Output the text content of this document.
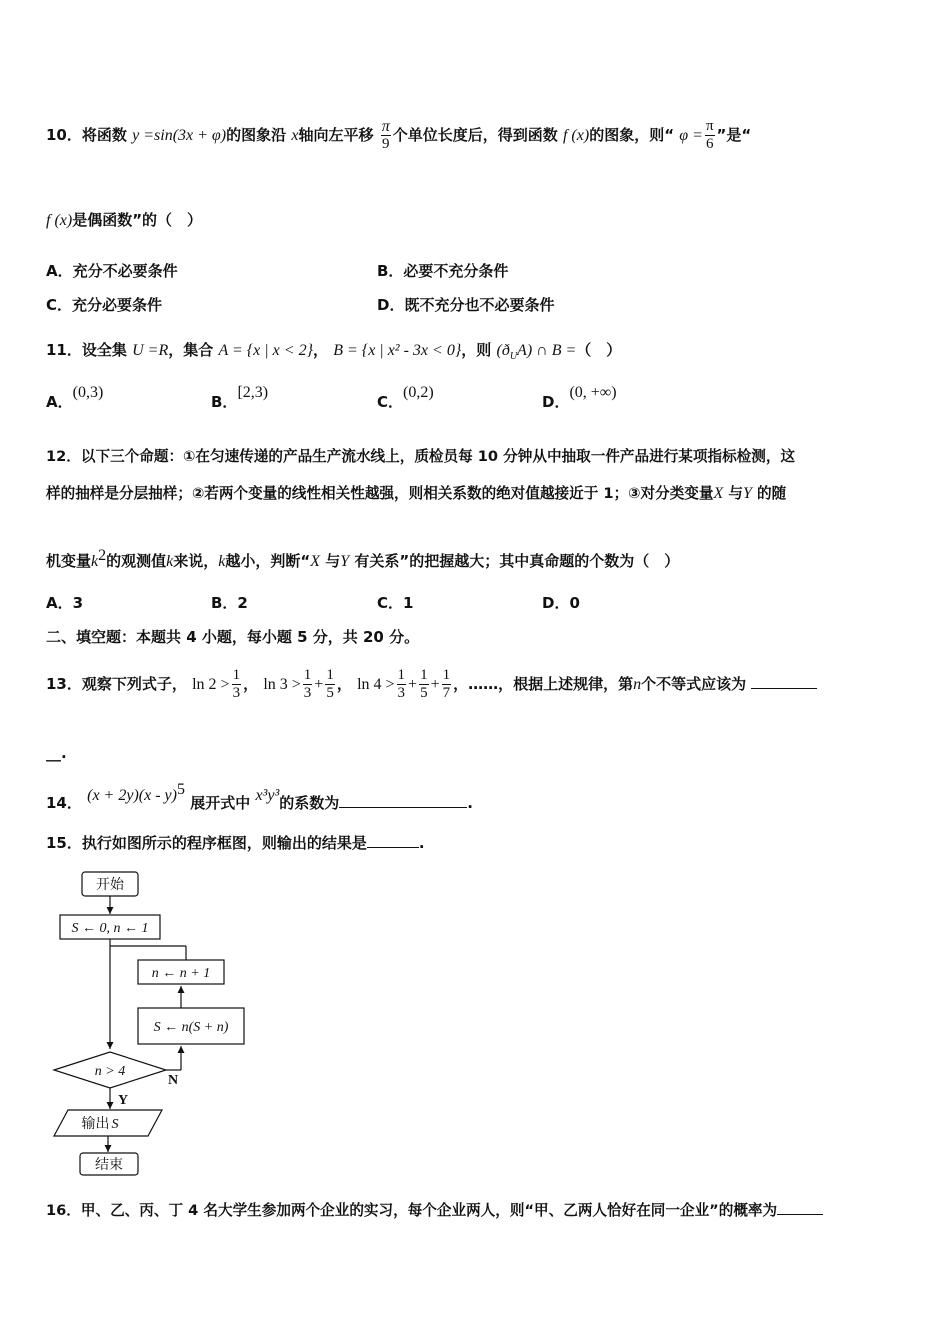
10．将函数 y =sin(3x + φ)的图象沿 x轴向左平移 $\frac{\pi}{9}$ 个单位长度后，得到函数 f (x)的图象，则“ $\varphi = \frac{\pi}{6}$ ”是“
f (x)是偶函数”的（　）
A．充分不必要条件	B．必要不充分条件
C．充分必要条件	D．既不充分也不必要条件
11．设全集 U =R，集合 A = {x | x < 2}， B = {x | x² - 3x < 0}，则 $(ð_UA)$ ∩ B =（　）
A．(0,3)
B．[2,3)
C．(0,2)
D．(0, +∞)
12．以下三个命题：①在匀速传递的产品生产流水线上，质检员每 10 分钟从中抽取一件产品进行某项指标检测，这
样的抽样是分层抽样；②若两个变量的线性相关性越强，则相关系数的绝对值越接近于 1；③对分类变量X 与Y 的随
机变量$k^2$的观测值k来说，k越小，判断“X 与Y 有关系”的把握越大；其中真命题的个数为（　）
A．3	B．2	C．1	D．0
二、填空题：本题共 4 小题，每小题 5 分，共 20 分。
13．观察下列式子， $\ln 2 > \frac{1}{3}$ ， $\ln 3 > \frac{1}{3} + \frac{1}{5}$ ， $\ln 4 > \frac{1}{3} + \frac{1}{5} + \frac{1}{7}$ ，……，根据上述规律，第n个不等式应该为
__.
14． (x + 2y)(x - y)$^5$ 展开式中 x³y³的系数为	.
15．执行如图所示的程序框图，则输出的结果是	.
开始
S ← 0, n ← 1
n ← n + 1
S ← n(S + n)
n > 4
N
Y
输出 S
结束
16．甲、乙、丙、丁 4 名大学生参加两个企业的实习，每个企业两人，则“甲、乙两人恰好在同一企业”的概率为
